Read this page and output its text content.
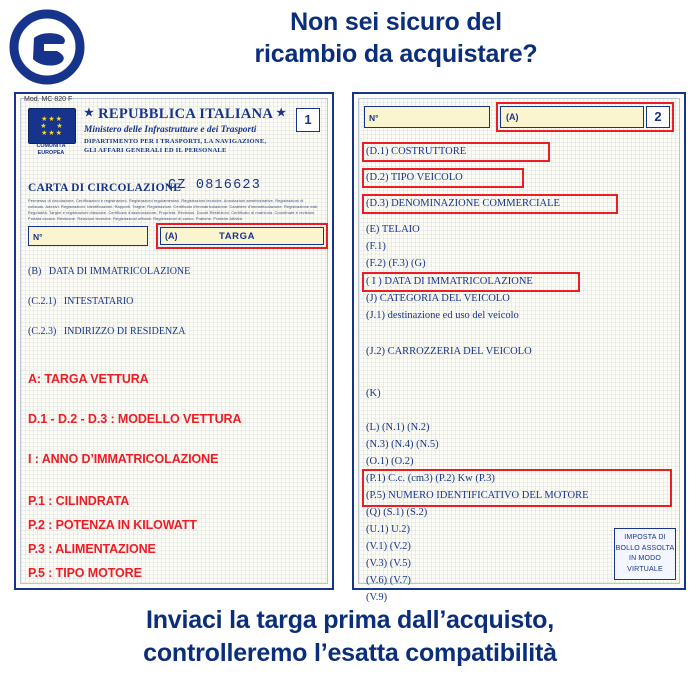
Non sei sicuro del
ricambio da acquistare?
Mod. MC 820 F
★★★
★   ★
★★★
COMUNITÀ EUROPEA
★ REPUBBLICA ITALIANA ★
Ministero delle Infrastrutture e dei Trasporti
DIPARTIMENTO PER I TRASPORTI, LA NAVIGAZIONE,
GLI AFFARI GENERALI ED IL PERSONALE
1
CARTA DI CIRCOLAZIONE
CZ 0816623
Permesso di circolazione. Certificazioni e registrazioni. Registrazioni regolamentari. Registrazioni tecniche. Annotazioni amministrative. Registrazioni di collaudo. Adesivi. Registrazioni. Identificazioni. Rapporti. Targhe. Registrazioni. Certificato d'immatricolazione. Carattere d'immatricolazione. Registrazione dati. Regolarità. Targhe e registrazioni rilasciate. Certificato d'assicurazione. Proprietà. Revisioni. Dovuti Restrizioni. Certificato di matricola. Coordinate e revisioni. Portata dovuta. Revisione. Relazioni tecniche. Registrazioni ufficiali. Registrazioni di carico. Pratiche. Pratiche Attività.
N°	(A)	TARGA
(B) DATA DI IMMATRICOLAZIONE
(C.2.1) INTESTATARIO
(C.2.3) INDIRIZZO DI RESIDENZA
A: TARGA VETTURA
D.1 - D.2 - D.3 : MODELLO VETTURA
I : ANNO D’IMMATRICOLAZIONE
P.1 : CILINDRATA
P.2 : POTENZA IN KILOWATT
P.3 : ALIMENTAZIONE
P.5 : TIPO MOTORE
N°	(A)	2
(D.1) COSTRUTTORE
(D.2) TIPO VEICOLO
(D.3) DENOMINAZIONE COMMERCIALE
(E) TELAIO
(F.1)
(F.2) (F.3) (G)
( I ) DATA DI IMMATRICOLAZIONE
(J) CATEGORIA DEL VEICOLO
(J.1) destinazione ed uso del veicolo
(J.2) CARROZZERIA DEL VEICOLO
(K)
(L) (N.1) (N.2)
(N.3) (N.4) (N.5)
(O.1) (O.2)
(P.1) C.c. (cm3) (P.2) Kw (P.3)
(P.5) NUMERO IDENTIFICATIVO DEL MOTORE
(Q) (S.1) (S.2)
(U.1) U.2)
(V.1) (V.2)
(V.3) (V.5)
(V.6) (V.7)
(V.9)
IMPOSTA DI BOLLO ASSOLTA IN MODO VIRTUALE
Inviaci la targa prima dall’acquisto,
controlleremo l’esatta compatibilità
